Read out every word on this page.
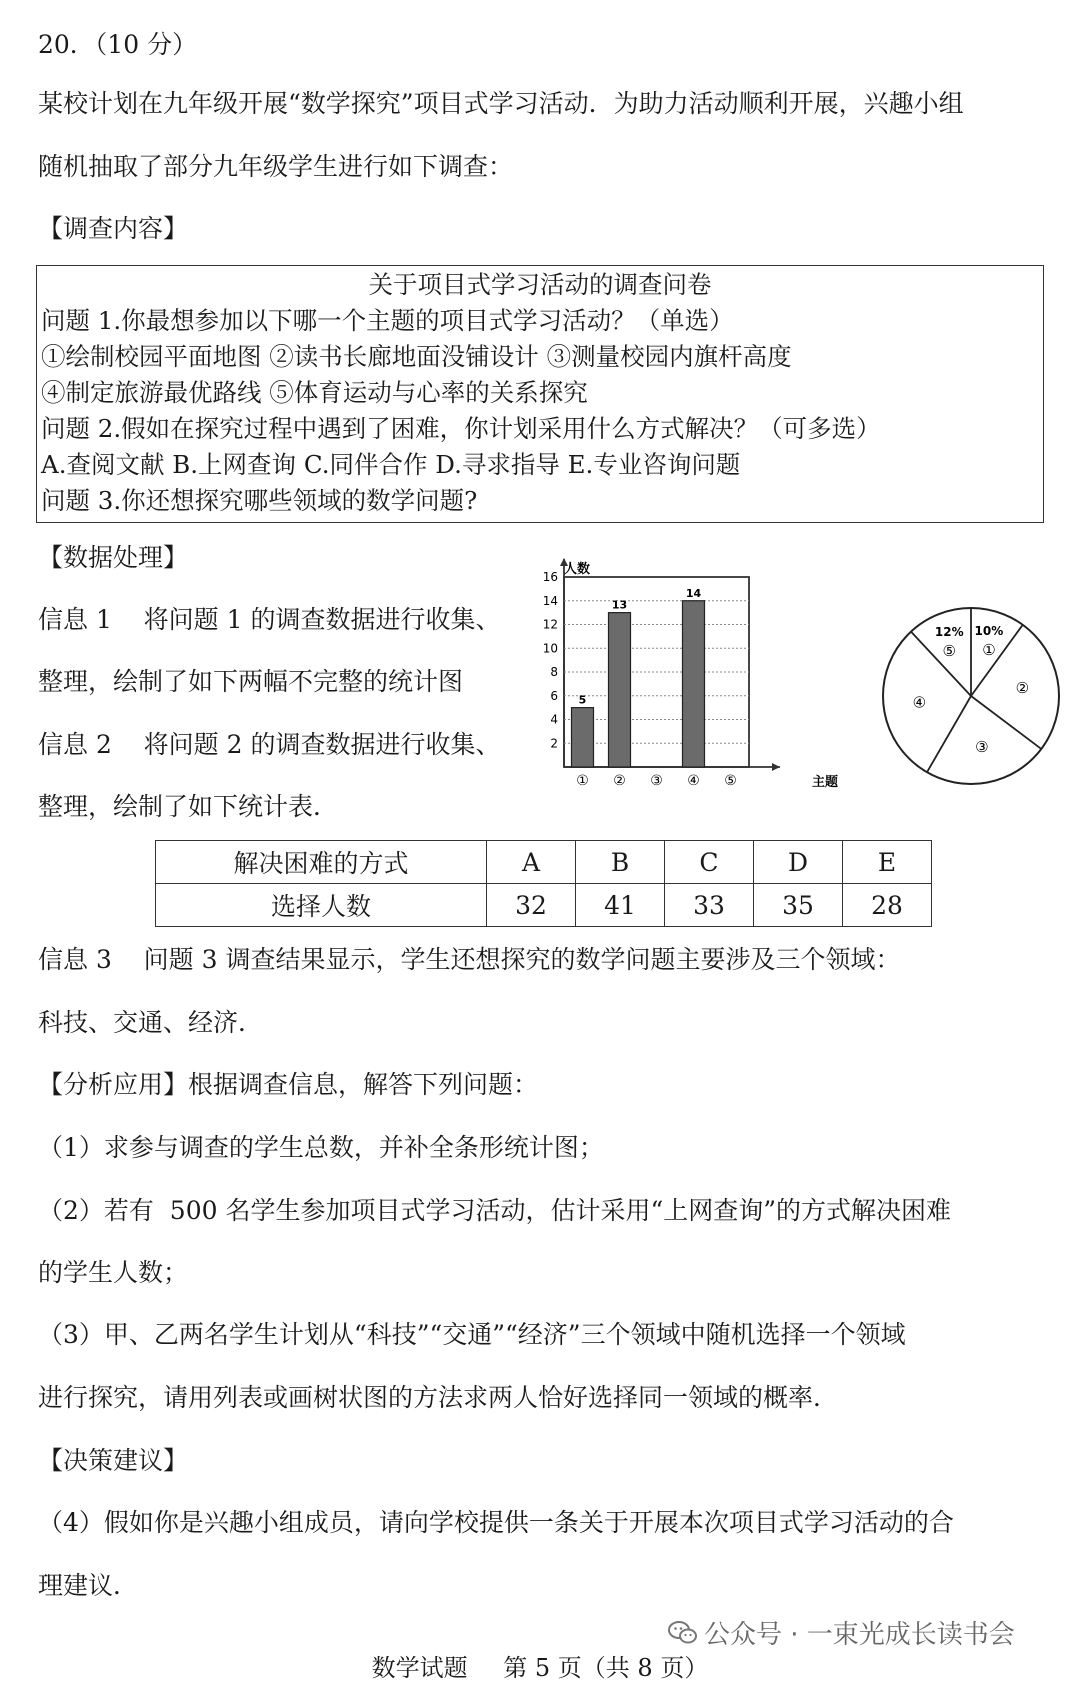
20．（10 分）
某校计划在九年级开展“数学探究”项目式学习活动．为助力活动顺利开展，兴趣小组
随机抽取了部分九年级学生进行如下调查：
【调查内容】
关于项目式学习活动的调查问卷
问题 1.你最想参加以下哪一个主题的项目式学习活动？（单选）
①绘制校园平面地图 ②读书长廊地面没铺设计 ③测量校园内旗杆高度
④制定旅游最优路线 ⑤体育运动与心率的关系探究
问题 2.假如在探究过程中遇到了困难，你计划采用什么方式解决？（可多选）
A.查阅文献 B.上网查询 C.同伴合作 D.寻求指导 E.专业咨询问题
问题 3.你还想探究哪些领域的数学问题?
【数据处理】
信息 1    将问题 1 的调查数据进行收集、
整理，绘制了如下两幅不完整的统计图
信息 2    将问题 2 的调查数据进行收集、
整理，绘制了如下统计表．
2
4
6
8
10
12
14
16
①
5
②
13
③ ④
14
⑤
人数
主题
①
10%
②
③
④
⑤
12%
解决困难的方式	A	B	C	D	E
选择人数	32	41	33	35	28
信息 3    问题 3 调查结果显示，学生还想探究的数学问题主要涉及三个领域：
科技、交通、经济．
【分析应用】根据调查信息，解答下列问题：
（1）求参与调查的学生总数，并补全条形统计图；
（2）若有  500 名学生参加项目式学习活动，估计采用“上网查询”的方式解决困难
的学生人数；
（3）甲、乙两名学生计划从“科技”“交通”“经济”三个领域中随机选择一个领域
进行探究，请用列表或画树状图的方法求两人恰好选择同一领域的概率．
【决策建议】
（4）假如你是兴趣小组成员，请向学校提供一条关于开展本次项目式学习活动的合
理建议．
公众号 · 一束光成长读书会
数学试题 第 5 页（共 8 页）
